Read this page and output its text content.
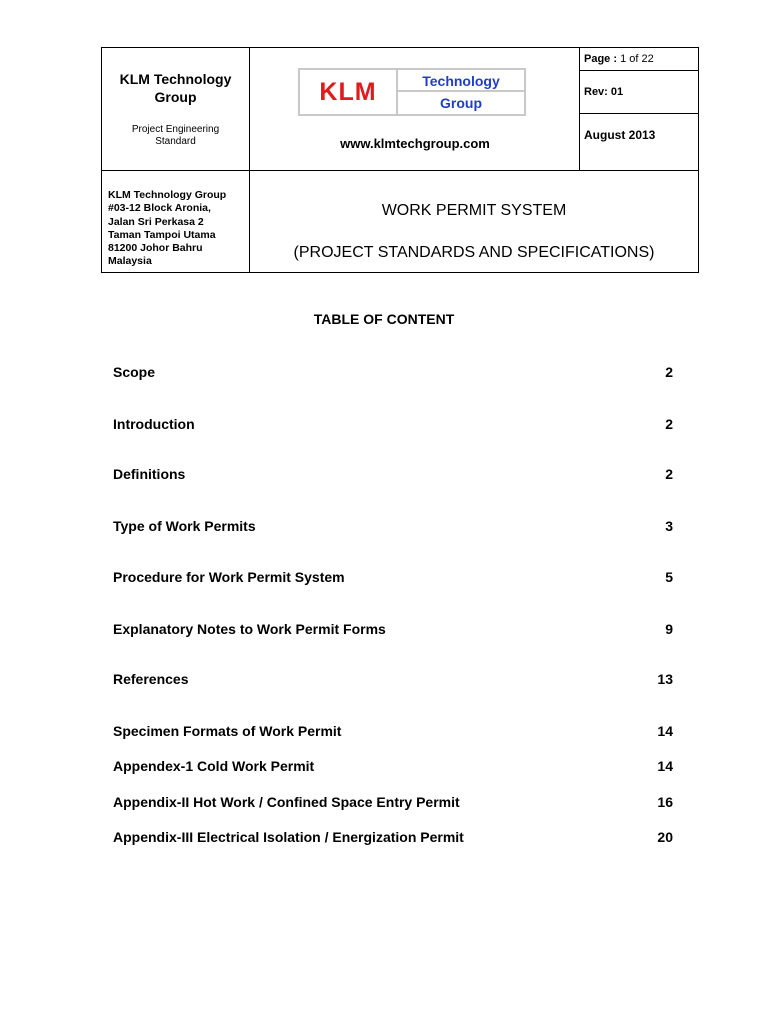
KLM Technology
Group
Project Engineering
Standard
KLM	Technology
Group
www.klmtechgroup.com
Page : 1 of 22
Rev: 01
August 2013
KLM Technology Group
#03-12 Block Aronia,
Jalan Sri Perkasa 2
Taman Tampoi Utama
81200 Johor Bahru
Malaysia
WORK PERMIT SYSTEM
(PROJECT STANDARDS AND SPECIFICATIONS)
TABLE OF CONTENT
Scope	2
Introduction	2
Definitions	2
Type of Work Permits	3
Procedure for Work Permit System	5
Explanatory Notes to Work Permit Forms	9
References	13
Specimen Formats of Work Permit	14
Appendex-1 Cold Work Permit	14
Appendix-II Hot Work / Confined Space Entry Permit	16
Appendix-III Electrical Isolation / Energization Permit	20
